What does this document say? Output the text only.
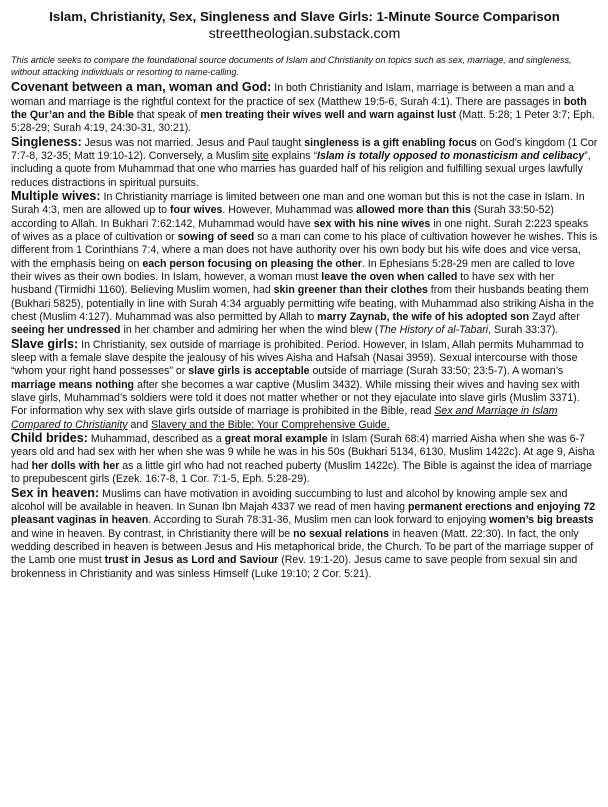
Islam, Christianity, Sex, Singleness and Slave Girls: 1-Minute Source Comparison
streettheologian.substack.com
This article seeks to compare the foundational source documents of Islam and Christianity on topics such as sex, marriage, and singleness, without attacking individuals or resorting to name-calling.
Covenant between a man, woman and God: In both Christianity and Islam, marriage is between a man and a woman and marriage is the rightful context for the practice of sex (Matthew 19:5-6, Surah 4:1). There are passages in both the Qur’an and the Bible that speak of men treating their wives well and warn against lust (Matt. 5:28; 1 Peter 3:7; Eph. 5:28-29; Surah 4:19, 24:30-31, 30:21).
Singleness: Jesus was not married. Jesus and Paul taught singleness is a gift enabling focus on God’s kingdom (1 Cor 7:7-8, 32-35; Matt 19:10-12). Conversely, a Muslim site explains “Islam is totally opposed to monasticism and celibacy”, including a quote from Muhammad that one who marries has guarded half of his religion and fulfilling sexual urges lawfully reduces distractions in spiritual pursuits.
Multiple wives: In Christianity marriage is limited between one man and one woman but this is not the case in Islam. In Surah 4:3, men are allowed up to four wives. However, Muhammad was allowed more than this (Surah 33:50-52) according to Allah. In Bukhari 7:62:142, Muhammad would have sex with his nine wives in one night. Surah 2:223 speaks of wives as a place of cultivation or sowing of seed so a man can come to his place of cultivation however he wishes. This is different from 1 Corinthians 7:4, where a man does not have authority over his own body but his wife does and vice versa, with the emphasis being on each person focusing on pleasing the other. In Ephesians 5:28-29 men are called to love their wives as their own bodies. In Islam, however, a woman must leave the oven when called to have sex with her husband (Tirmidhi 1160). Believing Muslim women, had skin greener than their clothes from their husbands beating them (Bukhari 5825), potentially in line with Surah 4:34 arguably permitting wife beating, with Muhammad also striking Aisha in the chest (Muslim 4:127). Muhammad was also permitted by Allah to marry Zaynab, the wife of his adopted son Zayd after seeing her undressed in her chamber and admiring her when the wind blew (The History of al-Tabari, Surah 33:37).
Slave girls: In Christianity, sex outside of marriage is prohibited. Period. However, in Islam, Allah permits Muhammad to sleep with a female slave despite the jealousy of his wives Aisha and Hafsah (Nasai 3959). Sexual intercourse with those “whom your right hand possesses” or slave girls is acceptable outside of marriage (Surah 33:50; 23:5-7). A woman’s marriage means nothing after she becomes a war captive (Muslim 3432). While missing their wives and having sex with slave girls, Muhammad’s soldiers were told it does not matter whether or not they ejaculate into slave girls (Muslim 3371). For information why sex with slave girls outside of marriage is prohibited in the Bible, read Sex and Marriage in Islam Compared to Christianity and Slavery and the Bible: Your Comprehensive Guide.
Child brides: Muhammad, described as a great moral example in Islam (Surah 68:4) married Aisha when she was 6-7 years old and had sex with her when she was 9 while he was in his 50s (Bukhari 5134, 6130, Muslim 1422c). At age 9, Aisha had her dolls with her as a little girl who had not reached puberty (Muslim 1422c). The Bible is against the idea of marriage to prepubescent girls (Ezek. 16:7-8, 1 Cor. 7:1-5, Eph. 5:28-29).
Sex in heaven: Muslims can have motivation in avoiding succumbing to lust and alcohol by knowing ample sex and alcohol will be available in heaven. In Sunan Ibn Majah 4337 we read of men having permanent erections and enjoying 72 pleasant vaginas in heaven. According to Surah 78:31-36, Muslim men can look forward to enjoying women’s big breasts and wine in heaven. By contrast, in Christianity there will be no sexual relations in heaven (Matt. 22:30). In fact, the only wedding described in heaven is between Jesus and His metaphorical bride, the Church. To be part of the marriage supper of the Lamb one must trust in Jesus as Lord and Saviour (Rev. 19:1-20). Jesus came to save people from sexual sin and brokenness in Christianity and was sinless Himself (Luke 19:10; 2 Cor. 5:21).
